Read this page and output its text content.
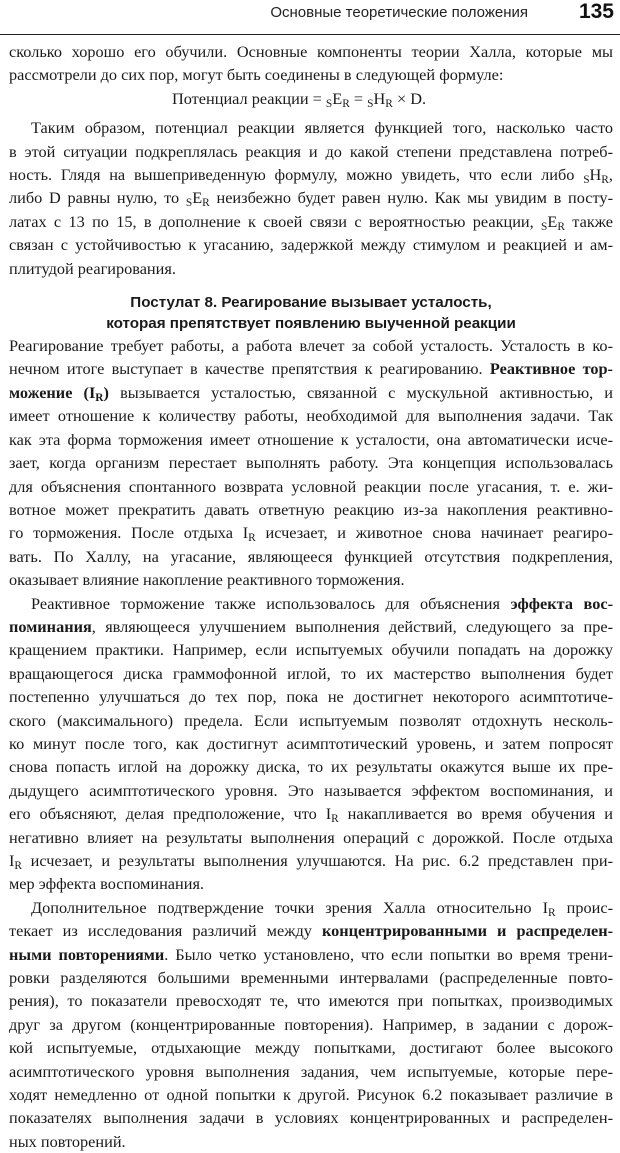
Основные теоретические положения 135
сколько хорошо его обучили. Основные компоненты теории Халла, которые мы
рассмотрели до сих пор, могут быть соединены в следующей формуле:
Потенциал реакции = $_SE_R = _SH_R \times D$.
Таким образом, потенциал реакции является функцией того, насколько часто
в этой ситуации подкреплялась реакция и до какой степени представлена потреб-
ность. Глядя на вышеприведенную формулу, можно увидеть, что если либо $_SH_R$,
либо D равны нулю, то $_SE_R$ неизбежно будет равен нулю. Как мы увидим в посту-
латах с 13 по 15, в дополнение к своей связи с вероятностью реакции, $_SE_R$ также
связан с устойчивостью к угасанию, задержкой между стимулом и реакцией и ам-
плитудой реагирования.
Постулат 8. Реагирование вызывает усталость,
которая препятствует появлению выученной реакции
Реагирование требует работы, а работа влечет за собой усталость. Усталость в ко-
нечном итоге выступает в качестве препятствия к реагированию. Реактивное тор-
можение $(I_R)$ вызывается усталостью, связанной с мускульной активностью, и
имеет отношение к количеству работы, необходимой для выполнения задачи. Так
как эта форма торможения имеет отношение к усталости, она автоматически исче-
зает, когда организм перестает выполнять работу. Эта концепция использовалась
для объяснения спонтанного возврата условной реакции после угасания, т. е. жи-
вотное может прекратить давать ответную реакцию из-за накопления реактивно-
го торможения. После отдыха $I_R$ исчезает, и животное снова начинает реагиро-
вать. По Халлу, на угасание, являющееся функцией отсутствия подкрепления,
оказывает влияние накопление реактивного торможения.
Реактивное торможение также использовалось для объяснения эффекта вос-
поминания, являющееся улучшением выполнения действий, следующего за пре-
кращением практики. Например, если испытуемых обучили попадать на дорожку
вращающегося диска граммофонной иглой, то их мастерство выполнения будет
постепенно улучшаться до тех пор, пока не достигнет некоторого асимптотиче-
ского (максимального) предела. Если испытуемым позволят отдохнуть несколь-
ко минут после того, как достигнут асимптотический уровень, и затем попросят
снова попасть иглой на дорожку диска, то их результаты окажутся выше их пре-
дыдущего асимптотического уровня. Это называется эффектом воспоминания, и
его объясняют, делая предположение, что $I_R$ накапливается во время обучения и
негативно влияет на результаты выполнения операций с дорожкой. После отдыха
$I_R$ исчезает, и результаты выполнения улучшаются. На рис. 6.2 представлен при-
мер эффекта воспоминания.
Дополнительное подтверждение точки зрения Халла относительно $I_R$ проис-
текает из исследования различий между концентрированными и распределен-
ными повторениями. Было четко установлено, что если попытки во время трени-
ровки разделяются большими временными интервалами (распределенные повто-
рения), то показатели превосходят те, что имеются при попытках, производимых
друг за другом (концентрированные повторения). Например, в задании с дорож-
кой испытуемые, отдыхающие между попытками, достигают более высокого
асимптотического уровня выполнения задания, чем испытуемые, которые пере-
ходят немедленно от одной попытки к другой. Рисунок 6.2 показывает различие в
показателях выполнения задачи в условиях концентрированных и распределен-
ных повторений.
